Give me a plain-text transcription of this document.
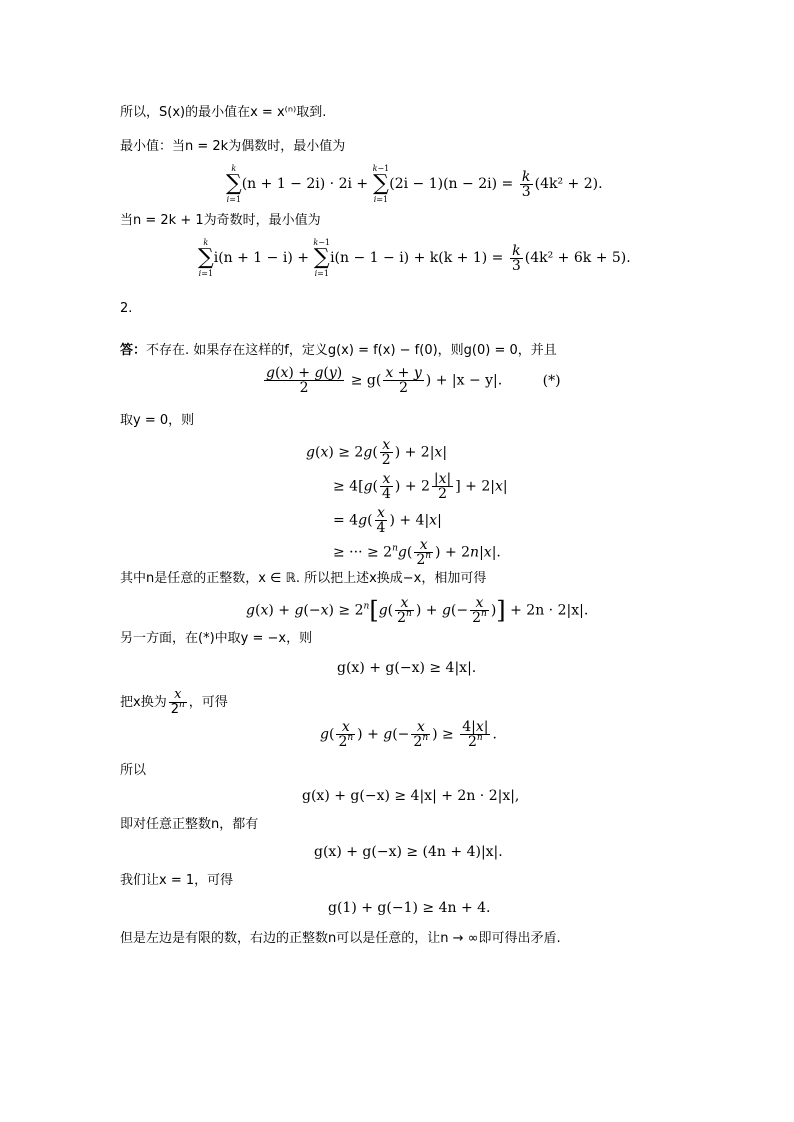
所以，S(x)的最小值在x = x⁽ⁿ⁾取到.
最小值：当n = 2k为偶数时，最小值为
k
∑
i=1
(n + 1 − 2i) · 2i +
k−1
∑
i=1
$(2i - 1)(n - 2i) = \frac{k}{3} (4k^2 + 2)$.
当n = 2k + 1为奇数时，最小值为
k
∑
i=1
i(n + 1 − i) +
k−1
∑
i=1
$i(n - 1 - i) + k(k + 1) = \frac{k}{3} (4k^2 + 6k + 5)$.
2.
答：不存在. 如果存在这样的f，定义g(x) = f(x) − f(0)，则g(0) = 0，并且
$\frac{g(x) + g(y)}{2} \ge g( \frac{x + y}{2}$ ) + |x − y|.	(*)
取y = 0，则
$g(x) \ge 2g( \frac{x}{2}$ ) + 2|x|
≥ $4[g( \frac{x}{4}$ ) + $2 \frac{|x|}{2}$ ] + 2|x|
= $4g( \frac{x}{4}$ ) + 4|x|
≥ ··· ≥ $2^ng( \frac{x}{2^n}$ ) + 2n|x|.
其中n是任意的正整数，x ∈ ℝ. 所以把上述x换成−x，相加可得
$g(x) + g(-x) \ge 2^n[g( \frac{x}{2^n}$ ) + $g(- \frac{x}{2^n}$ )] + 2n · 2|x|.
另一方面，在(*)中取y = −x，则
g(x) + g(−x) ≥ 4|x|.
把x换为 $\frac{x}{2^n}$ ，可得
$g( \frac{x}{2^n}$ ) + $g(- \frac{x}{2^n}$ ) ≥ $\frac{4|x|}{2^n}$ .
所以
g(x) + g(−x) ≥ 4|x| + 2n · 2|x|,
即对任意正整数n，都有
g(x) + g(−x) ≥ (4n + 4)|x|.
我们让x = 1，可得
g(1) + g(−1) ≥ 4n + 4.
但是左边是有限的数，右边的正整数n可以是任意的，让n → ∞即可得出矛盾.
